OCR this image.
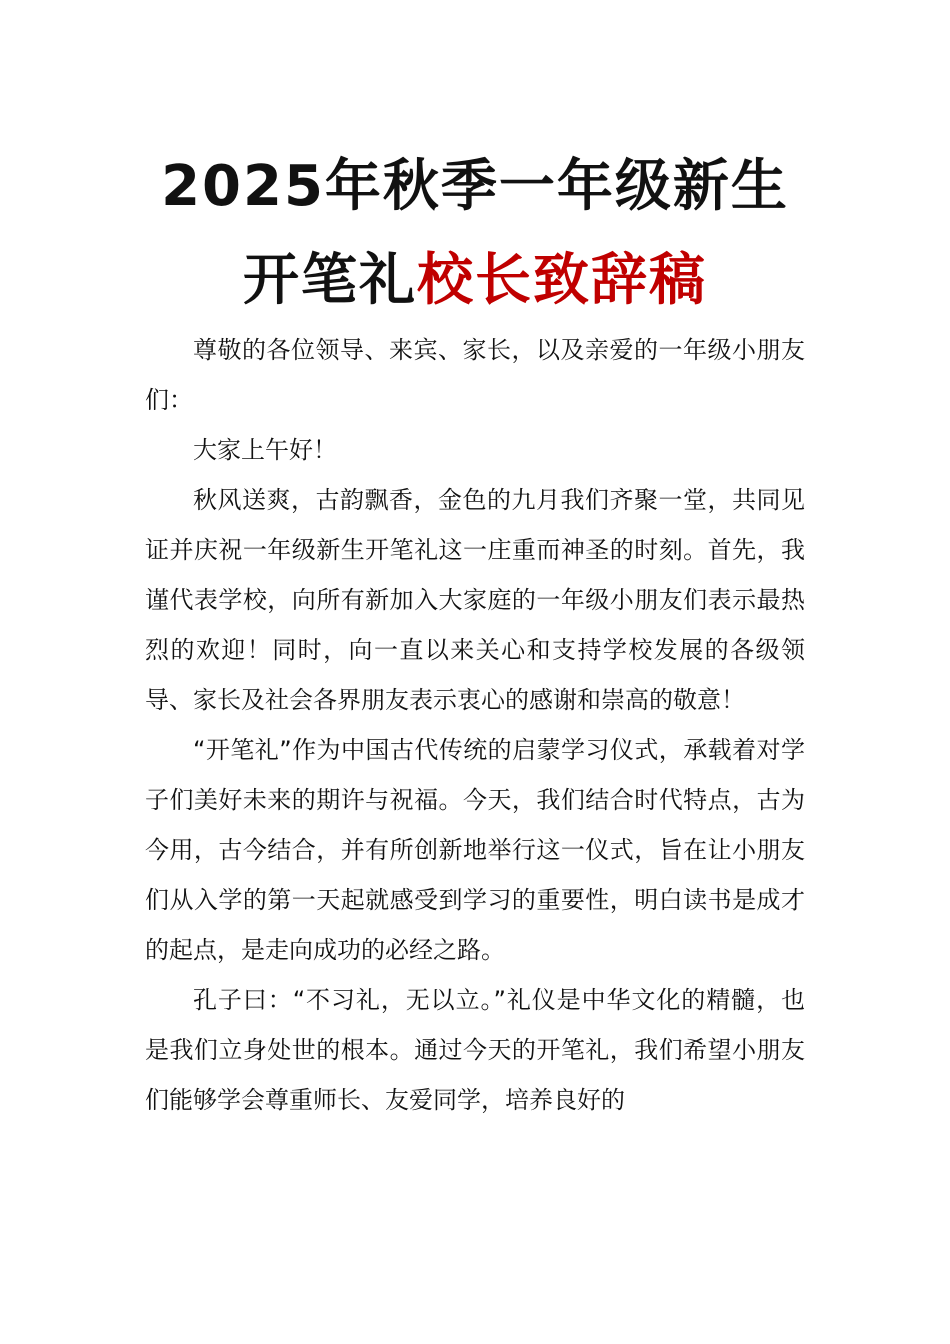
2025年秋季一年级新生
开笔礼校长致辞稿

尊敬的各位领导、来宾、家长，以及亲爱的一年级小朋友们：

大家上午好！

秋风送爽，古韵飘香，金色的九月我们齐聚一堂，共同见证并庆祝一年级新生开笔礼这一庄重而神圣的时刻。首先，我谨代表学校，向所有新加入大家庭的一年级小朋友们表示最热烈的欢迎！同时，向一直以来关心和支持学校发展的各级领导、家长及社会各界朋友表示衷心的感谢和崇高的敬意！

“开笔礼”作为中国古代传统的启蒙学习仪式，承载着对学子们美好未来的期许与祝福。今天，我们结合时代特点，古为今用，古今结合，并有所创新地举行这一仪式，旨在让小朋友们从入学的第一天起就感受到学习的重要性，明白读书是成才的起点，是走向成功的必经之路。

孔子曰：“不习礼，无以立。”礼仪是中华文化的精髓，也是我们立身处世的根本。通过今天的开笔礼，我们希望小朋友们能够学会尊重师长、友爱同学，培养良好的
